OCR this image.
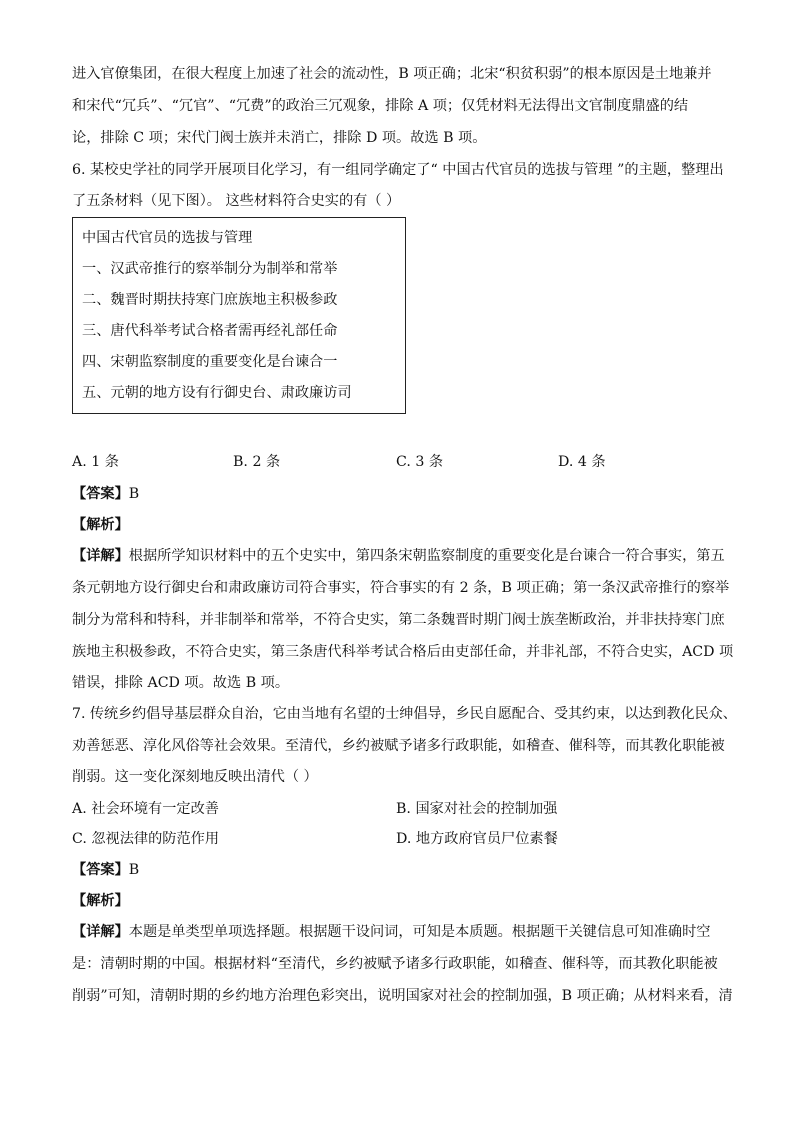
进入官僚集团，在很大程度上加速了社会的流动性，B 项正确；北宋“积贫积弱”的根本原因是土地兼并
和宋代“冗兵”、“冗官”、“冗费”的政治三冗观象，排除 A 项；仅凭材料无法得出文官制度鼎盛的结
论，排除 C 项；宋代门阀士族并未消亡，排除 D 项。故选 B 项。
6. 某校史学社的同学开展项目化学习，有一组同学确定了“ 中国古代官员的选拔与管理 ”的主题，整理出
了五条材料（见下图）。 这些材料符合史实的有（ ）
中国古代官员的选拔与管理
一、汉武帝推行的察举制分为制举和常举
二、魏晋时期扶持寒门庶族地主积极参政
三、唐代科举考试合格者需再经礼部任命
四、宋朝监察制度的重要变化是台谏合一
五、元朝的地方设有行御史台、肃政廉访司
A. 1 条	B. 2 条	C. 3 条	D. 4 条
【答案】B
【解析】
【详解】根据所学知识材料中的五个史实中，第四条宋朝监察制度的重要变化是台谏合一符合事实，第五
条元朝地方设行御史台和肃政廉访司符合事实，符合事实的有 2 条，B 项正确；第一条汉武帝推行的察举
制分为常科和特科，并非制举和常举，不符合史实，第二条魏晋时期门阀士族垄断政治，并非扶持寒门庶
族地主积极参政，不符合史实，第三条唐代科举考试合格后由吏部任命，并非礼部，不符合史实，ACD 项
错误，排除 ACD 项。故选 B 项。
7. 传统乡约倡导基层群众自治，它由当地有名望的士绅倡导，乡民自愿配合、受其约束，以达到教化民众、
劝善惩恶、淳化风俗等社会效果。至清代，乡约被赋予诸多行政职能，如稽查、催科等，而其教化职能被
削弱。这一变化深刻地反映出清代（ ）
A. 社会环境有一定改善	B. 国家对社会的控制加强
C. 忽视法律的防范作用	D. 地方政府官员尸位素餐
【答案】B
【解析】
【详解】本题是单类型单项选择题。根据题干设问词，可知是本质题。根据题干关键信息可知准确时空
是：清朝时期的中国。根据材料“至清代，乡约被赋予诸多行政职能，如稽查、催科等，而其教化职能被
削弱”可知，清朝时期的乡约地方治理色彩突出，说明国家对社会的控制加强，B 项正确；从材料来看，清
